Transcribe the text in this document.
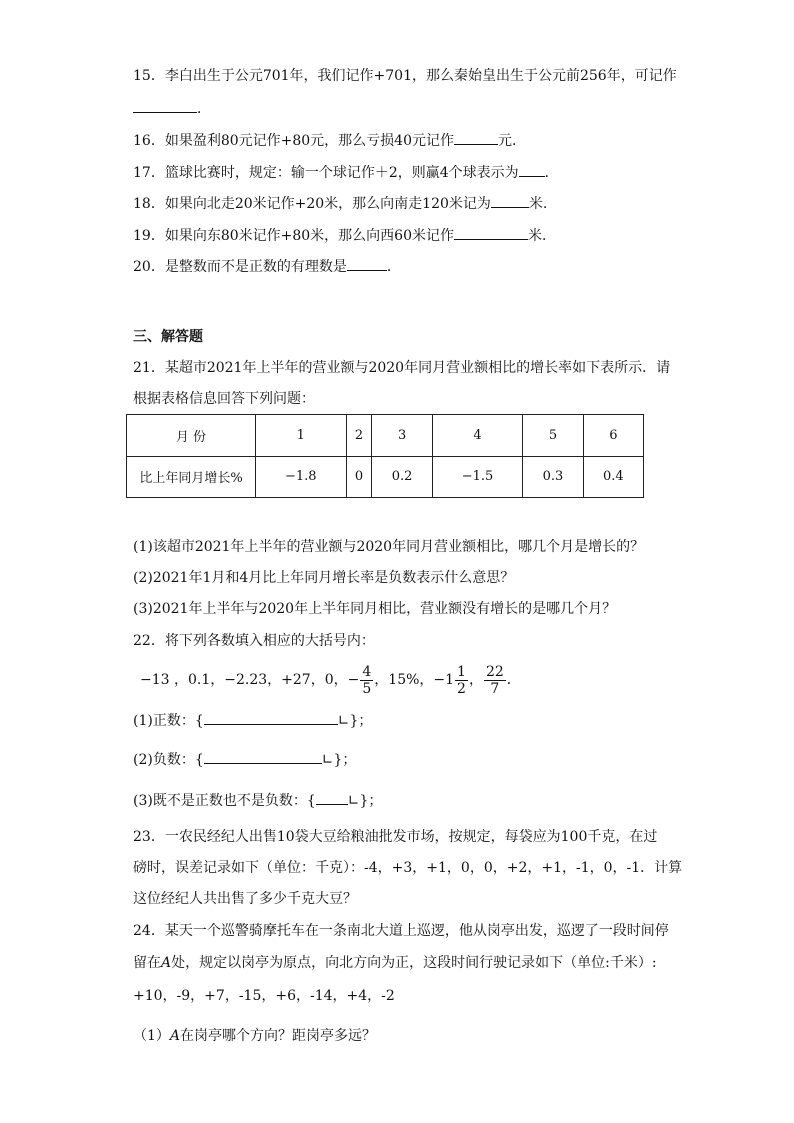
15．李白出生于公元701年，我们记作+701，那么秦始皇出生于公元前256年，可记作
．
16．如果盈利80元记作+80元，那么亏损40元记作	元．
17．篮球比赛时，规定：输一个球记作＋2，则赢4个球表示为 ．
18．如果向北走20米记作+20米，那么向南走120米记为	米.
19．如果向东80米记作+80米，那么向西60米记作	米．
20．是整数而不是正数的有理数是	．
三、解答题
21．某超市2021年上半年的营业额与2020年同月营业额相比的增长率如下表所示．请
根据表格信息回答下列问题：
月 份	1	2	3	4	5	6
比上年同月增长%	−1.8	0	0.2	−1.5	0.3	0.4
(1)该超市2021年上半年的营业额与2020年同月营业额相比，哪几个月是增长的？
(2)2021年1月和4月比上年同月增长率是负数表示什么意思？
(3)2021年上半年与2020年上半年同月相比，营业额没有增长的是哪几个月？
22．将下列各数填入相应的大括号内：
−13 ，0.1，−2.23，+27，0，− $\frac{4}{5}$ ，15%，$-1 \frac{1}{2}$ ， $\frac{22}{7}$ ．
(1)正数：{	∟}；
(2)负数：{	∟}；
(3)既不是正数也不是负数：{ ∟}；
23．一农民经纪人出售10袋大豆给粮油批发市场，按规定，每袋应为100千克，在过
磅时，误差记录如下（单位：千克）：-4，+3，+1，0，0，+2，+1，-1，0，-1．计算
这位经纪人共出售了多少千克大豆？
24．某天一个巡警骑摩托车在一条南北大道上巡逻，他从岗亭出发，巡逻了一段时间停
留在A处，规定以岗亭为原点，向北方向为正，这段时间行驶记录如下（单位:千米）:
+10，-9，+7，-15，+6，-14，+4，-2
（1）A在岗亭哪个方向？距岗亭多远？
